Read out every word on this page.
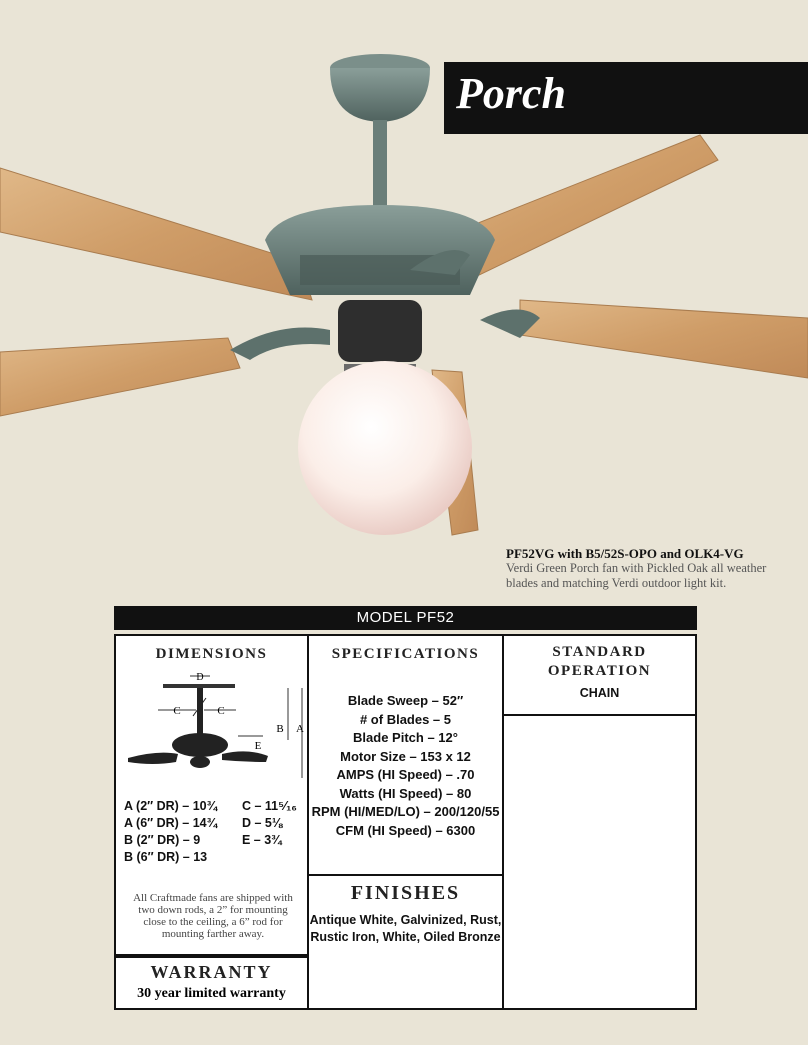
Porch
PF52VG with B5/52S-OPO and OLK4-VG
Verdi Green Porch fan with Pickled Oak all weather
blades and matching Verdi outdoor light kit.
MODEL PF52
DIMENSIONS
D
C	C
E
B A
A (2″ DR) – 10¾
A (6″ DR) – 14¾
B (2″ DR) – 9
B (6″ DR) – 13
C – 11⁵⁄₁₆
D – 5⅛
E – 3¾
All Craftmade fans are shipped with two down rods, a 2” for mounting close to the ceiling, a 6” rod for mounting farther away.
WARRANTY
30 year limited warranty
SPECIFICATIONS
Blade Sweep – 52″
# of Blades – 5
Blade Pitch – 12°
Motor Size – 153 x 12
AMPS (HI Speed) – .70
Watts (HI Speed) – 80
RPM (HI/MED/LO) – 200/120/55
CFM (HI Speed) – 6300
FINISHES
Antique White, Galvinized, Rust,
Rustic Iron, White, Oiled Bronze
STANDARD
OPERATION
CHAIN
